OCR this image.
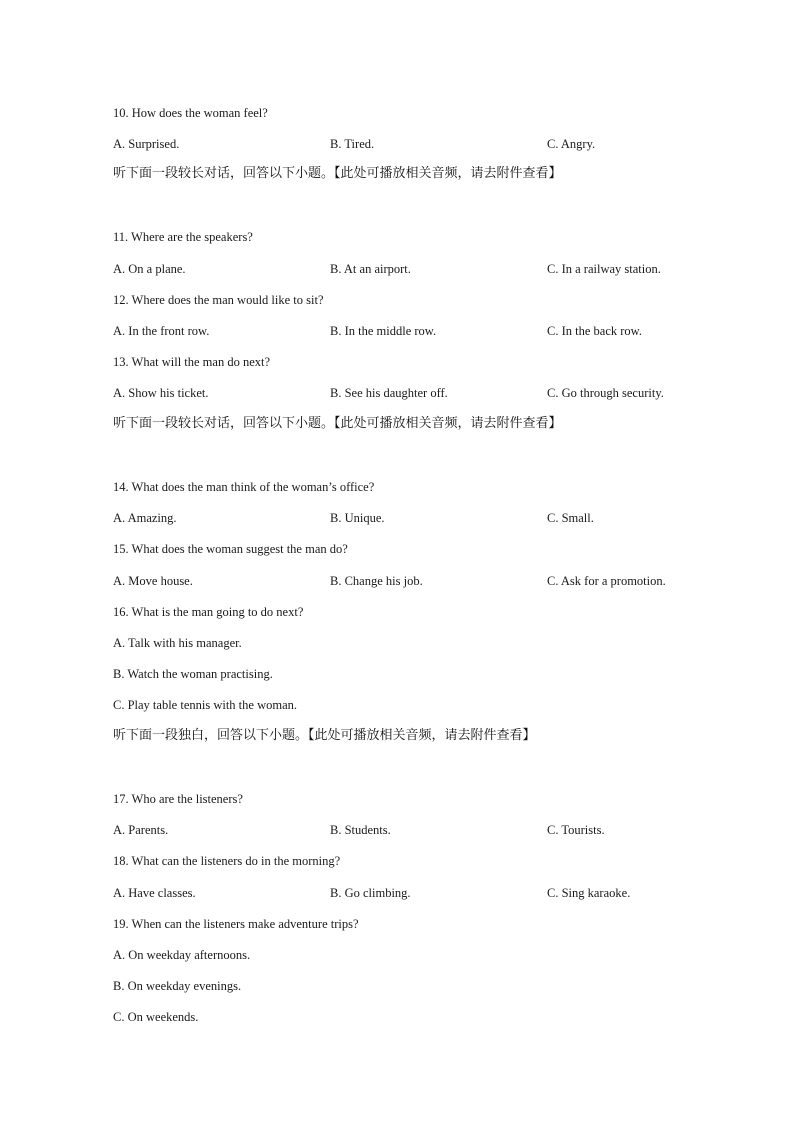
10. How does the woman feel?
A. Surprised.	B. Tired.	C. Angry.
听下面一段较长对话，回答以下小题。【此处可播放相关音频，请去附件查看】
11. Where are the speakers?
A. On a plane.	B. At an airport.	C. In a railway station.
12. Where does the man would like to sit?
A. In the front row.	B. In the middle row.	C. In the back row.
13. What will the man do next?
A. Show his ticket.	B. See his daughter off.	C. Go through security.
听下面一段较长对话，回答以下小题。【此处可播放相关音频，请去附件查看】
14. What does the man think of the woman’s office?
A. Amazing.	B. Unique.	C. Small.
15. What does the woman suggest the man do?
A. Move house.	B. Change his job.	C. Ask for a promotion.
16. What is the man going to do next?
A. Talk with his manager.
B. Watch the woman practising.
C. Play table tennis with the woman.
听下面一段独白，回答以下小题。【此处可播放相关音频，请去附件查看】
17. Who are the listeners?
A. Parents.	B. Students.	C. Tourists.
18. What can the listeners do in the morning?
A. Have classes.	B. Go climbing.	C. Sing karaoke.
19. When can the listeners make adventure trips?
A. On weekday afternoons.
B. On weekday evenings.
C. On weekends.
